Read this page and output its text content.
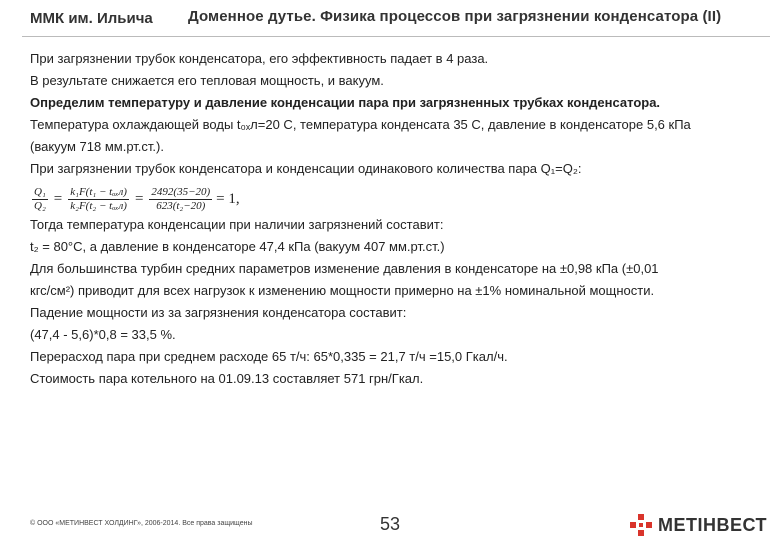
ММК им. Ильича Доменное дутье. Физика процессов при загрязнении конденсатора (II)
При загрязнении трубок конденсатора, его эффективность падает в 4 раза.
В результате снижается его тепловая мощность, и вакуум.
Определим температуру и давление конденсации пара при загрязненных трубках конденсатора.
Температура охлаждающей воды t₀ₓл=20 С, температура конденсата 35 С, давление в конденсаторе 5,6 кПа
(вакуум 718 мм.рт.ст.).
При загрязнении трубок конденсатора и конденсации одинакового количества пара Q₁=Q₂:
$\frac{\text{Q₁}}{\text{Q₂}} = \frac{\text{k₁F(t₁ − tₒₓл)}}{\text{k₂F(t₂ − tₒₓл)}} = \frac{2492(35-20)}{\text{623(t₂−20)}} = 1$,
Тогда температура конденсации при наличии загрязнений составит:
t₂ = 80°C, а давление в конденсаторе 47,4 кПа (вакуум 407 мм.рт.ст.)
Для большинства турбин средних параметров изменение давления в конденсаторе на ±0,98 кПа (±0,01
кгс/см²) приводит для всех нагрузок к изменению мощности примерно на ±1% номинальной мощности.
Падение мощности из за загрязнения конденсатора составит:
(47,4 - 5,6)*0,8 = 33,5 %.
Перерасход пара при среднем расходе 65 т/ч: 65*0,335 = 21,7 т/ч =15,0 Гкал/ч.
Стоимость пара котельного на 01.09.13 составляет 571 грн/Гкал.
© ООО «МЕТИНВЕСТ ХОЛДИНГ», 2006-2014. Все права защищены	53	МЕТІНВЕСТ
